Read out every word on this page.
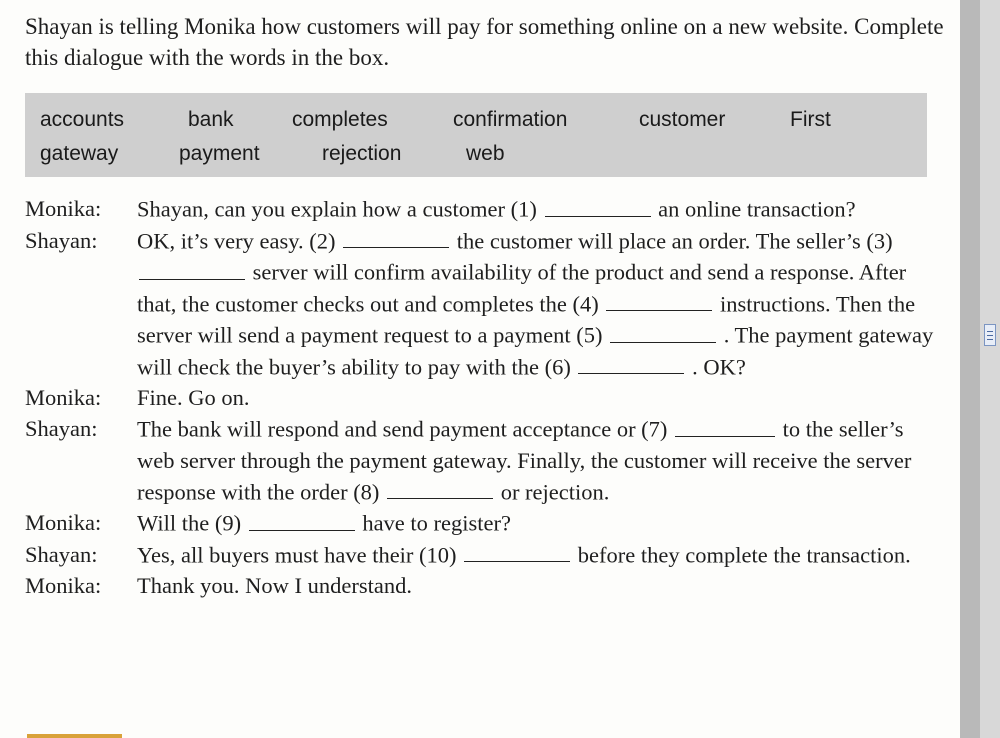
Shayan is telling Monika how customers will pay for something online on a new website. Complete this dialogue with the words in the box.

accounts	bank	completes	confirmation	customer	First
gateway	payment	rejection	web
Monika:	Shayan, can you explain how a customer (1)	an online transaction?
Shayan:	OK, it’s very easy. (2)	the customer will place an order. The seller’s (3)  server will confirm availability of the product and send a response. After that, the customer checks out and completes the (4)	instructions. Then the server will send a payment request to a payment (5)	. The payment gateway will check the buyer’s ability to pay with the (6)	. OK?
Monika:	Fine. Go on.
Shayan:	The bank will respond and send payment acceptance or (7)	to the seller’s web server through the payment gateway. Finally, the customer will receive the server response with the order (8)	or rejection.
Monika:	Will the (9)	have to register?
Shayan:	Yes, all buyers must have their (10)	before they complete the transaction.
Monika:	Thank you. Now I understand.
